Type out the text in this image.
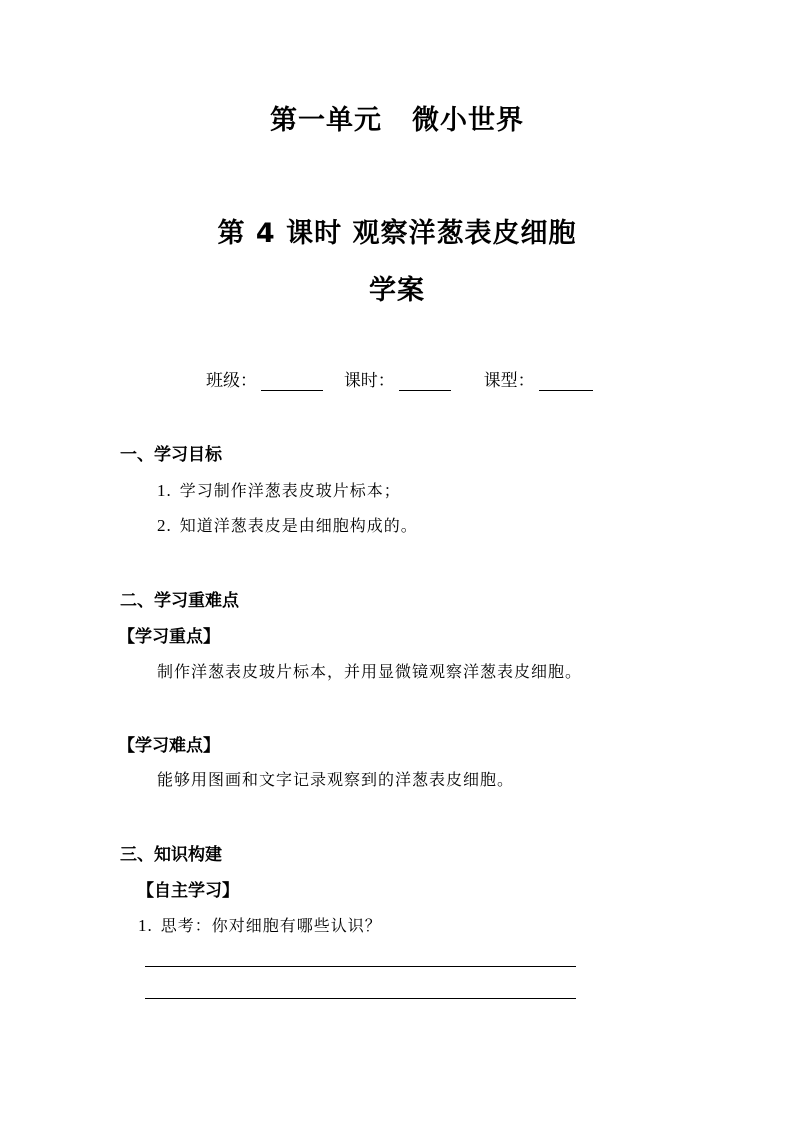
第一单元 微小世界
第 4 课时 观察洋葱表皮细胞
学案
班级：	课时：	课型：
一、学习目标
1. 学习制作洋葱表皮玻片标本；
2. 知道洋葱表皮是由细胞构成的。
二、学习重难点
【学习重点】
制作洋葱表皮玻片标本，并用显微镜观察洋葱表皮细胞。
【学习难点】
能够用图画和文字记录观察到的洋葱表皮细胞。
三、知识构建
【自主学习】
1. 思考：你对细胞有哪些认识？
